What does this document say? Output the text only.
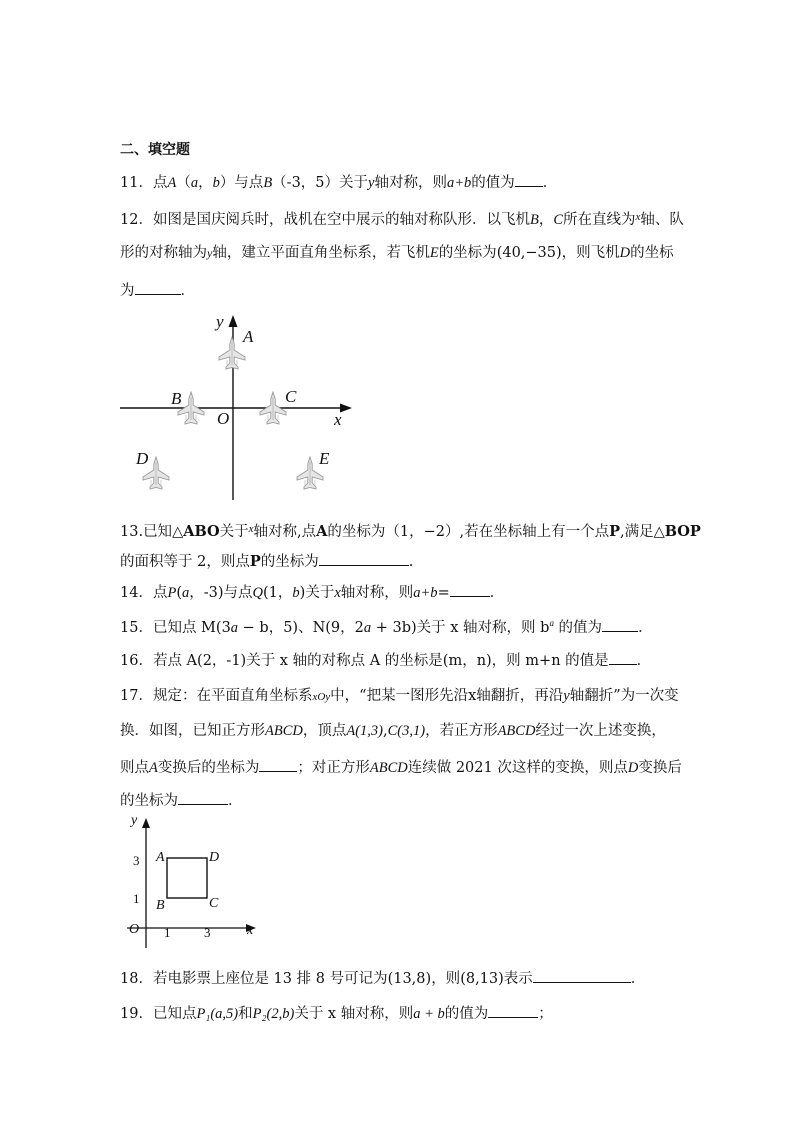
二、填空题
11．点A（a，b）与点B（-3，5）关于y轴对称，则a+b的值为 ．
12．如图是国庆阅兵时，战机在空中展示的轴对称队形．以飞机B，C所在直线为$^x$轴、队
形的对称轴为y轴，建立平面直角坐标系，若飞机E的坐标为(40,−35)，则飞机D的坐标
为	．
x
y
O
A
B	C
D	E
x
y
O
3
1
1	3
A	D
B	C
13.已知△ABO关于$^x$轴对称,点A的坐标为（1，−2）,若在坐标轴上有一个点P,满足△BOP
的面积等于 2，则点P的坐标为	.
14．点P(a，-3)与点Q(1，b)关于x轴对称，则a+b=	．
15．已知点 M(3a − b，5)、N(9，2a + 3b)关于 x 轴对称，则 $b^a$ 的值为 ．
16．若点 A(2，-1)关于 x 轴的对称点 A 的坐标是(m，n)，则 m+n 的值是 ．
17．规定：在平面直角坐标系xOy中，“把某一图形先沿x轴翻折，再沿y轴翻折”为一次变
换．如图，已知正方形ABCD，顶点A(1,3),C(3,1)，若正方形ABCD经过一次上述变换，
则点A变换后的坐标为	；对正方形ABCD连续做 2021 次这样的变换，则点D变换后
的坐标为	．
18．若电影票上座位是 13 排 8 号可记为(13,8)，则(8,13)表示	．
19．已知点P₁(a,5)和P₂(2,b)关于 x 轴对称，则a + b的值为	；
